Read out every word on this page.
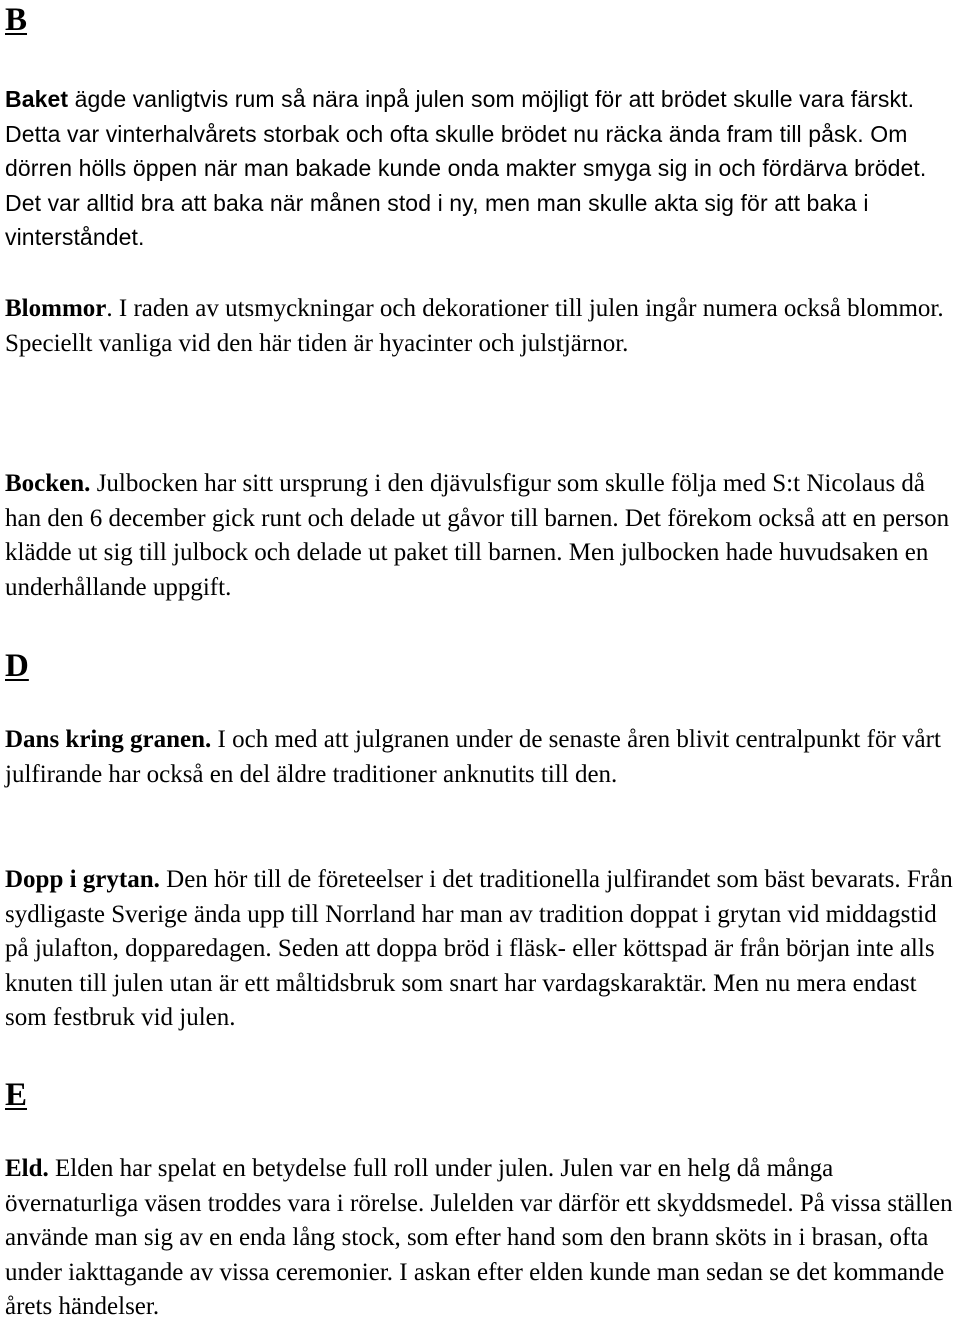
B

Baket ägde vanligtvis rum så nära inpå julen som möjligt för att brödet skulle vara färskt. Detta var vinterhalvårets storbak och ofta skulle brödet nu räcka ända fram till påsk. Om dörren hölls öppen när man bakade kunde onda makter smyga sig in och fördärva brödet. Det var alltid bra att baka när månen stod i ny, men man skulle akta sig för att baka i vinterståndet.

Blommor. I raden av utsmyckningar och dekorationer till julen ingår numera också blommor. Speciellt vanliga vid den här tiden är hyacinter och julstjärnor.

Bocken. Julbocken har sitt ursprung i den djävulsfigur som skulle följa med S:t Nicolaus då han den 6 december gick runt och delade ut gåvor till barnen. Det förekom också att en person klädde ut sig till julbock och delade ut paket till barnen. Men julbocken hade huvudsaken en underhållande uppgift.

D

Dans kring granen. I och med att julgranen under de senaste åren blivit centralpunkt för vårt julfirande har också en del äldre traditioner anknutits till den.

Dopp i grytan. Den hör till de företeelser i det traditionella julfirandet som bäst bevarats. Från sydligaste Sverige ända upp till Norrland har man av tradition doppat i grytan vid middagstid på julafton, dopparedagen. Seden att doppa bröd i fläsk- eller köttspad är från början inte alls knuten till julen utan är ett måltidsbruk som snart har vardagskaraktär. Men nu mera endast som festbruk vid julen.

E

Eld. Elden har spelat en betydelse full roll under julen. Julen var en helg då många övernaturliga väsen troddes vara i rörelse. Julelden var därför ett skyddsmedel. På vissa ställen använde man sig av en enda lång stock, som efter hand som den brann sköts in i brasan, ofta under iakttagande av vissa ceremonier. I askan efter elden kunde man sedan se det kommande årets händelser.
